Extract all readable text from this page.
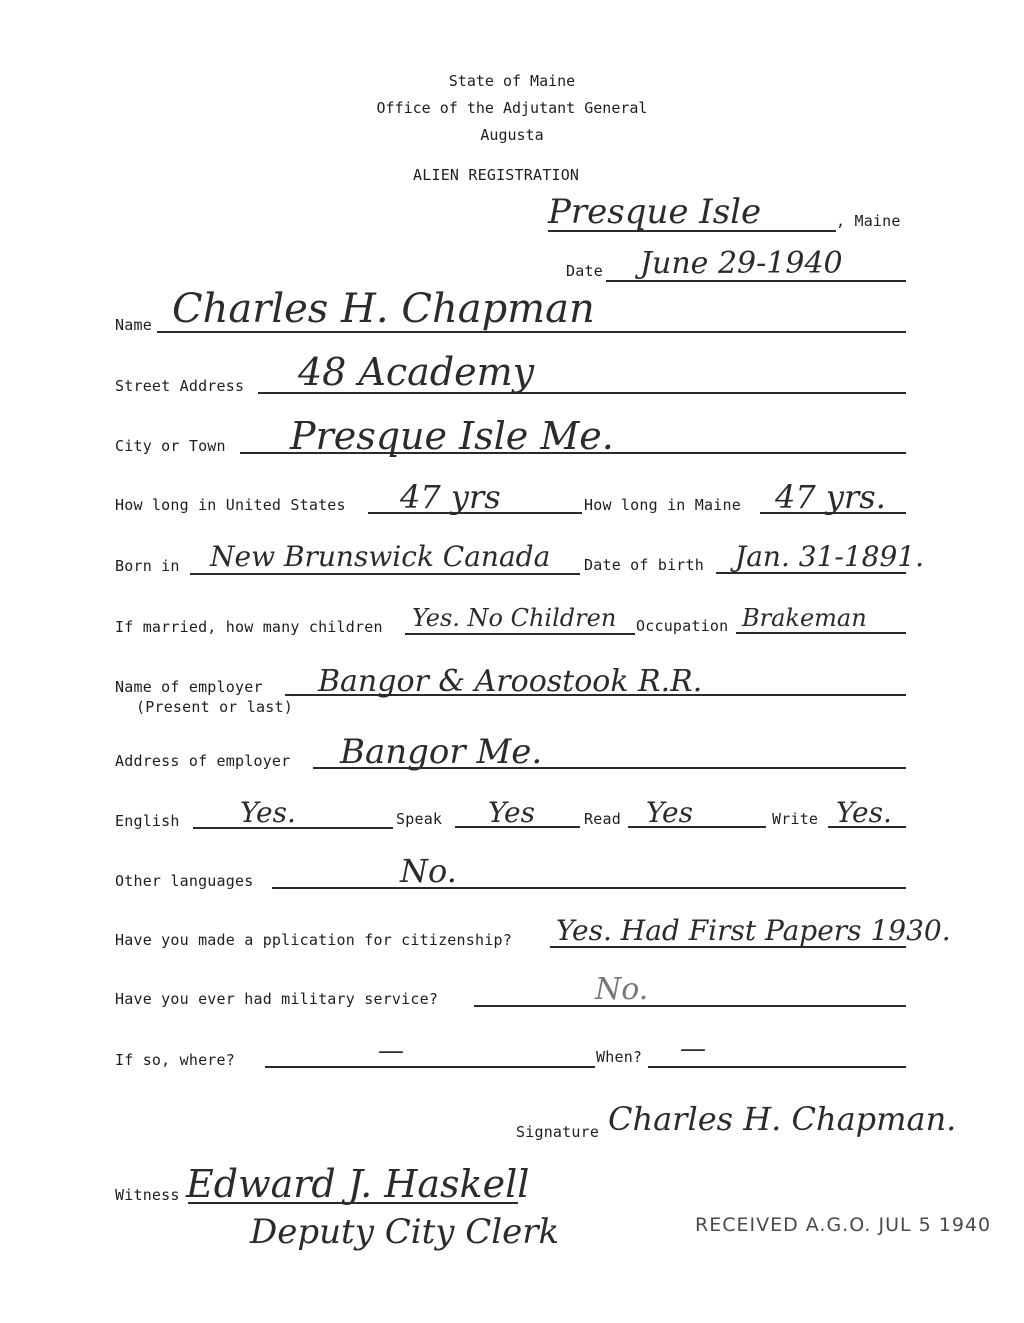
State of Maine
Office of the Adjutant General
Augusta
ALIEN REGISTRATION
Presque Isle	, Maine
Date June 29-1940
Name Charles H. Chapman
Street Address 48 Academy
City or Town Presque Isle Me.
How long in United States 47 yrs	How long in Maine 47 yrs.
Born in New Brunswick Canada Date of birth Jan. 31-1891.
If married, how many children Yes. No Children Occupation Brakeman
Name of employer
(Present or last)
Bangor & Aroostook R.R.
Address of employer Bangor Me.
English Yes.	Speak Yes	Read Yes	Write Yes.
Other languages	No.
Have you made a pplication for citizenship? Yes. Had First Papers 1930.
Have you ever had military service?	No.
If so, where?	—	When? —
Signature Charles H. Chapman.
Witness Edward J. Haskell
Deputy City Clerk	RECEIVED A.G.O. JUL 5 1940
